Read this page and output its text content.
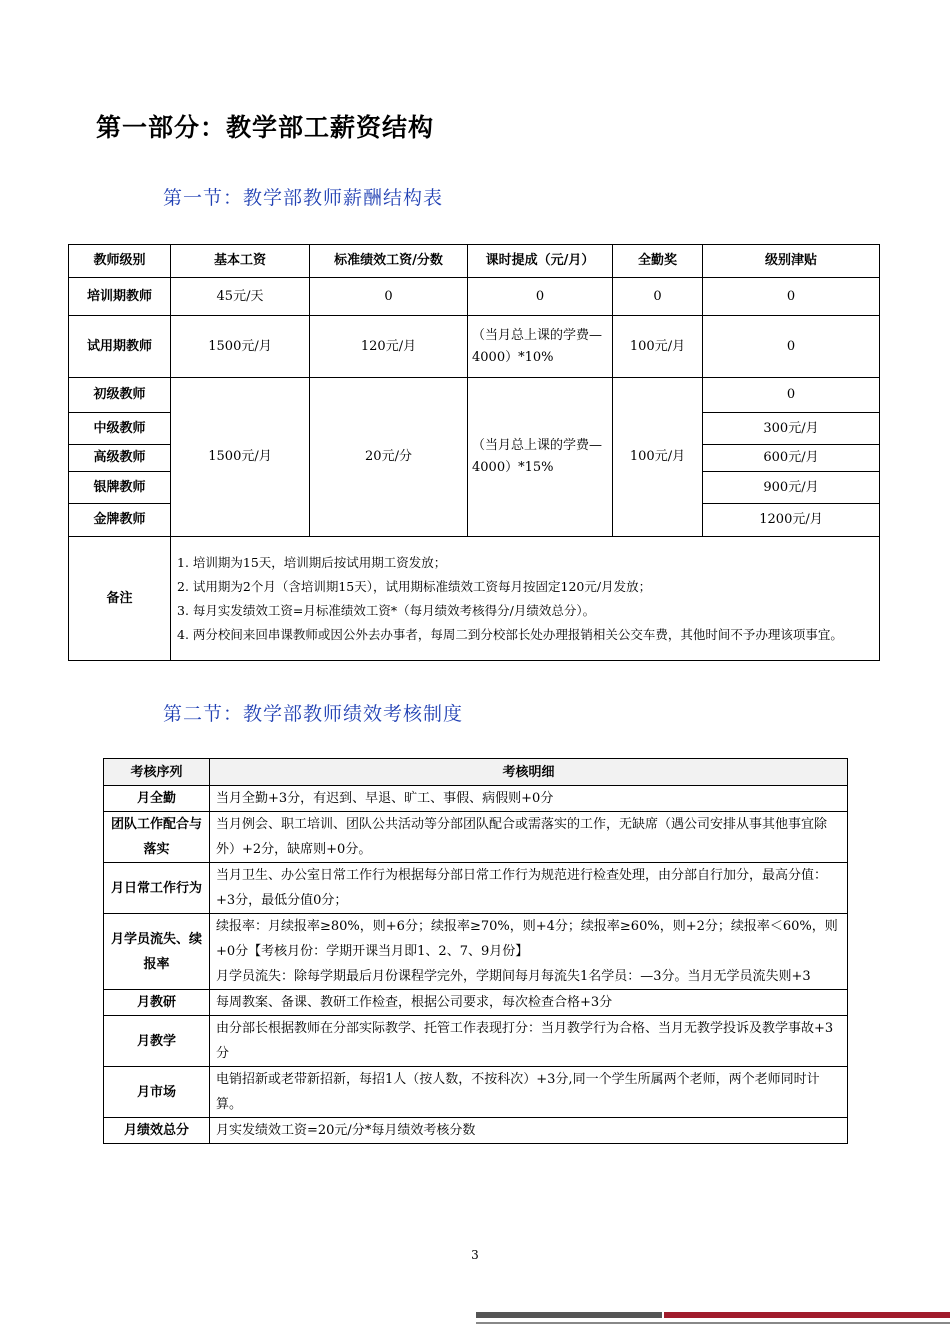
第一部分：教学部工薪资结构
第一节：教学部教师薪酬结构表
教师级别	基本工资	标准绩效工资/分数	课时提成（元/月）	全勤奖	级别津贴
培训期教师	45元/天	0	0	0	0
试用期教师	1500元/月	120元/月	（当月总上课的学费—4000）*10%	100元/月	0
初级教师	1500元/月	20元/分	（当月总上课的学费—4000）*15%	100元/月	0
中级教师					300元/月
高级教师					600元/月
银牌教师					900元/月
金牌教师					1200元/月
备注	1. 培训期为15天，培训期后按试用期工资发放；
2. 试用期为2个月（含培训期15天），试用期标准绩效工资每月按固定120元/月发放；
3. 每月实发绩效工资=月标准绩效工资*（每月绩效考核得分/月绩效总分）。
4. 两分校间来回串课教师或因公外去办事者，每周二到分校部长处办理报销相关公交车费，其他时间不予办理该项事宜。				
第二节：教学部教师绩效考核制度
考核序列	考核明细
月全勤	当月全勤+3分，有迟到、早退、旷工、事假、病假则+0分

团队工作配合与落实	当月例会、职工培训、团队公共活动等分部团队配合或需落实的工作，无缺席（遇公司安排从事其他事宜除外）+2分，缺席则+0分。

月日常工作行为	当月卫生、办公室日常工作行为根据每分部日常工作行为规范进行检查处理，由分部自行加分，最高分值：+3分，最低分值0分；

月学员流失、续报率	续报率：月续报率≥80%，则+6分；续报率≥70%，则+4分；续报率≥60%，则+2分；续报率＜60%，则+0分【考核月份：学期开课当月即1、2、7、9月份】
月学员流失：除每学期最后月份课程学完外，学期间每月每流失1名学员：—3分。当月无学员流失则+3

月教研	每周教案、备课、教研工作检查，根据公司要求，每次检查合格+3分

月教学	由分部长根据教师在分部实际教学、托管工作表现打分：当月教学行为合格、当月无教学投诉及教学事故+3分

月市场	电销招新或老带新招新，每招1人（按人数，不按科次）+3分,同一个学生所属两个老师，两个老师同时计算。

月绩效总分	月实发绩效工资=20元/分*每月绩效考核分数
3
